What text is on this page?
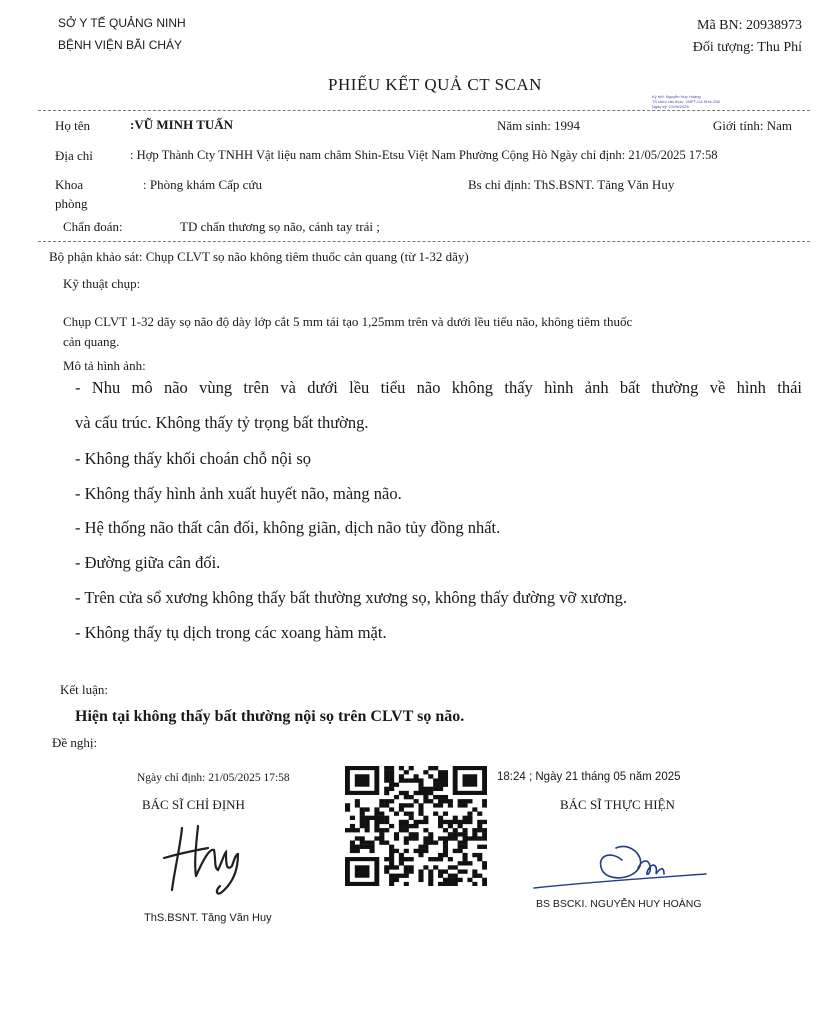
SỞ Y TẾ QUẢNG NINH
BỆNH VIỆN BÃI CHÁY
Mã BN: 20938973
Đối tượng: Thu Phí
PHIẾU KẾT QUẢ CT SCAN
Ký bởi: Nguyễn Huy Hoàng
Tổ chức xác thực: VNPT-CA SHA-256
Ngày ký: 21/05/2025
Họ tên	:VŨ MINH TUẤN	Năm sinh: 1994	Giới tính: Nam
Địa chỉ	: Hợp Thành Cty TNHH Vật liệu nam châm Shin-Etsu Việt Nam Phường Cộng Hò Ngày chỉ định: 21/05/2025 17:58
Khoa
phòng
: Phòng khám Cấp cứu	Bs chỉ định: ThS.BSNT. Tăng Văn Huy
Chẩn đoán:	TD chấn thương sọ não, cánh tay trái ;
Bộ phận khảo sát: Chụp CLVT sọ não không tiêm thuốc cản quang (từ 1-32 dãy)
Kỹ thuật chụp:
Chụp CLVT 1-32 dãy sọ não độ dày lớp cắt 5 mm tái tạo 1,25mm trên và dưới lều tiểu não, không tiêm thuốc
cản quang.
Mô tả hình ảnh:
- Nhu mô não vùng trên và dưới lều tiểu não không thấy hình ảnh bất thường về hình thái
và cấu trúc. Không thấy tỷ trọng bất thường.
- Không thấy khối choán chỗ nội sọ
- Không thấy hình ảnh xuất huyết não, màng não.
- Hệ thống não thất cân đối, không giãn, dịch não tủy đồng nhất.
- Đường giữa cân đối.
- Trên cửa sổ xương không thấy bất thường xương sọ, không thấy đường vỡ xương.
- Không thấy tụ dịch trong các xoang hàm mặt.
Kết luận:
Hiện tại không thấy bất thường nội sọ trên CLVT sọ não.
Đề nghị:
Ngày chỉ định: 21/05/2025 17:58
BÁC SĨ CHỈ ĐỊNH
ThS.BSNT. Tăng Văn Huy
18:24 ; Ngày 21 tháng 05 năm 2025
BÁC SĨ THỰC HIỆN
BS BSCKI. NGUYỄN HUY HOÀNG
